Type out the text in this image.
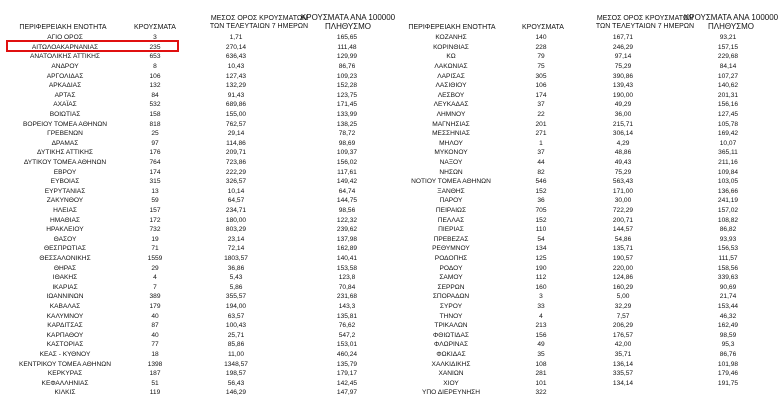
ΠΕΡΙΦΕΡΕΙΑΚΗ ΕΝΟΤΗΤΑ	ΚΡΟΥΣΜΑΤΑ
ΜΕΣΟΣ ΟΡΟΣ ΚΡΟΥΣΜΑΤΩΝ
ΤΩΝ ΤΕΛΕΥΤΑΙΩΝ 7 ΗΜΕΡΩΝ
ΚΡΟΥΣΜΑΤΑ ΑΝΑ 100000
ΠΛΗΘΥΣΜΟ	ΠΕΡΙΦΕΡΕΙΑΚΗ ΕΝΟΤΗΤΑ	ΚΡΟΥΣΜΑΤΑ
ΜΕΣΟΣ ΟΡΟΣ ΚΡΟΥΣΜΑΤΩΝ
ΤΩΝ ΤΕΛΕΥΤΑΙΩΝ 7 ΗΜΕΡΩΝ
ΚΡΟΥΣΜΑΤΑ ΑΝΑ 100000
ΠΛΗΘΥΣΜΟ
ΑΓΙΟ ΟΡΟΣ	3	1,71	165,65
ΑΙΤΩΛΟΑΚΑΡΝΑΝΙΑΣ	235	270,14	111,48
ΑΝΑΤΟΛΙΚΗΣ ΑΤΤΙΚΗΣ	653	636,43	129,99
ΑΝΔΡΟΥ	8	10,43	86,76
ΑΡΓΟΛΙΔΑΣ	106	127,43	109,23
ΑΡΚΑΔΙΑΣ	132	132,29	152,28
ΑΡΤΑΣ	84	91,43	123,75
ΑΧΑΪΑΣ	532	689,86	171,45
ΒΟΙΩΤΙΑΣ	158	155,00	133,99
ΒΟΡΕΙΟΥ ΤΟΜΕΑ ΑΘΗΝΩΝ	818	762,57	138,25
ΓΡΕΒΕΝΩΝ	25	29,14	78,72
ΔΡΑΜΑΣ	97	114,86	98,69
ΔΥΤΙΚΗΣ ΑΤΤΙΚΗΣ	176	209,71	109,37
ΔΥΤΙΚΟΥ ΤΟΜΕΑ ΑΘΗΝΩΝ	764	723,86	156,02
ΕΒΡΟΥ	174	222,29	117,61
ΕΥΒΟΙΑΣ	315	326,57	149,42
ΕΥΡΥΤΑΝΙΑΣ	13	10,14	64,74
ΖΑΚΥΝΘΟΥ	59	64,57	144,75
ΗΛΕΙΑΣ	157	234,71	98,56
ΗΜΑΘΙΑΣ	172	180,00	122,32
ΗΡΑΚΛΕΙΟΥ	732	803,29	239,62
ΘΑΣΟΥ	19	23,14	137,98
ΘΕΣΠΡΩΤΙΑΣ	71	72,14	162,89
ΘΕΣΣΑΛΟΝΙΚΗΣ	1559	1803,57	140,41
ΘΗΡΑΣ	29	36,86	153,58
ΙΘΑΚΗΣ	4	5,43	123,8
ΙΚΑΡΙΑΣ	7	5,86	70,84
ΙΩΑΝΝΙΝΩΝ	389	355,57	231,68
ΚΑΒΑΛΑΣ	179	194,00	143,3
ΚΑΛΥΜΝΟΥ	40	63,57	135,81
ΚΑΡΔΙΤΣΑΣ	87	100,43	76,62
ΚΑΡΠΑΘΟΥ	40	25,71	547,2
ΚΑΣΤΟΡΙΑΣ	77	85,86	153,01
ΚΕΑΣ - ΚΥΘΝΟΥ	18	11,00	460,24
ΚΕΝΤΡΙΚΟΥ ΤΟΜΕΑ ΑΘΗΝΩΝ	1398	1348,57	135,79
ΚΕΡΚΥΡΑΣ	187	198,57	179,17
ΚΕΦΑΛΛΗΝΙΑΣ	51	56,43	142,45
ΚΙΛΚΙΣ	119	146,29	147,97
ΚΟΖΑΝΗΣ	140	167,71	93,21
ΚΟΡΙΝΘΙΑΣ	228	246,29	157,15
ΚΩ	79	97,14	229,68
ΛΑΚΩΝΙΑΣ	75	75,29	84,14
ΛΑΡΙΣΑΣ	305	390,86	107,27
ΛΑΣΙΘΙΟΥ	106	139,43	140,62
ΛΕΣΒΟΥ	174	190,00	201,31
ΛΕΥΚΑΔΑΣ	37	49,29	156,16
ΛΗΜΝΟΥ	22	36,00	127,45
ΜΑΓΝΗΣΙΑΣ	201	215,71	105,78
ΜΕΣΣΗΝΙΑΣ	271	306,14	169,42
ΜΗΛΟΥ	1	4,29	10,07
ΜΥΚΟΝΟΥ	37	48,86	365,11
ΝΑΞΟΥ	44	49,43	211,16
ΝΗΣΩΝ	82	75,29	109,84
ΝΟΤΙΟΥ ΤΟΜΕΑ ΑΘΗΝΩΝ	546	563,43	103,05
ΞΑΝΘΗΣ	152	171,00	136,66
ΠΑΡΟΥ	36	30,00	241,19
ΠΕΙΡΑΙΩΣ	705	722,29	157,02
ΠΕΛΛΑΣ	152	200,71	108,82
ΠΙΕΡΙΑΣ	110	144,57	86,82
ΠΡΕΒΕΖΑΣ	54	54,86	93,93
ΡΕΘΥΜΝΟΥ	134	135,71	156,53
ΡΟΔΟΠΗΣ	125	190,57	111,57
ΡΟΔΟΥ	190	220,00	158,56
ΣΑΜΟΥ	112	124,86	339,63
ΣΕΡΡΩΝ	160	160,29	90,69
ΣΠΟΡΑΔΩΝ	3	5,00	21,74
ΣΥΡΟΥ	33	32,29	153,44
ΤΗΝΟΥ	4	7,57	46,32
ΤΡΙΚΑΛΩΝ	213	206,29	162,49
ΦΘΙΩΤΙΔΑΣ	156	176,57	98,59
ΦΛΩΡΙΝΑΣ	49	42,00	95,3
ΦΩΚΙΔΑΣ	35	35,71	86,76
ΧΑΛΚΙΔΙΚΗΣ	108	136,14	101,98
ΧΑΝΙΩΝ	281	335,57	179,46
ΧΙΟΥ	101	134,14	191,75
ΥΠΟ ΔΙΕΡΕΥΝΗΣΗ	322
